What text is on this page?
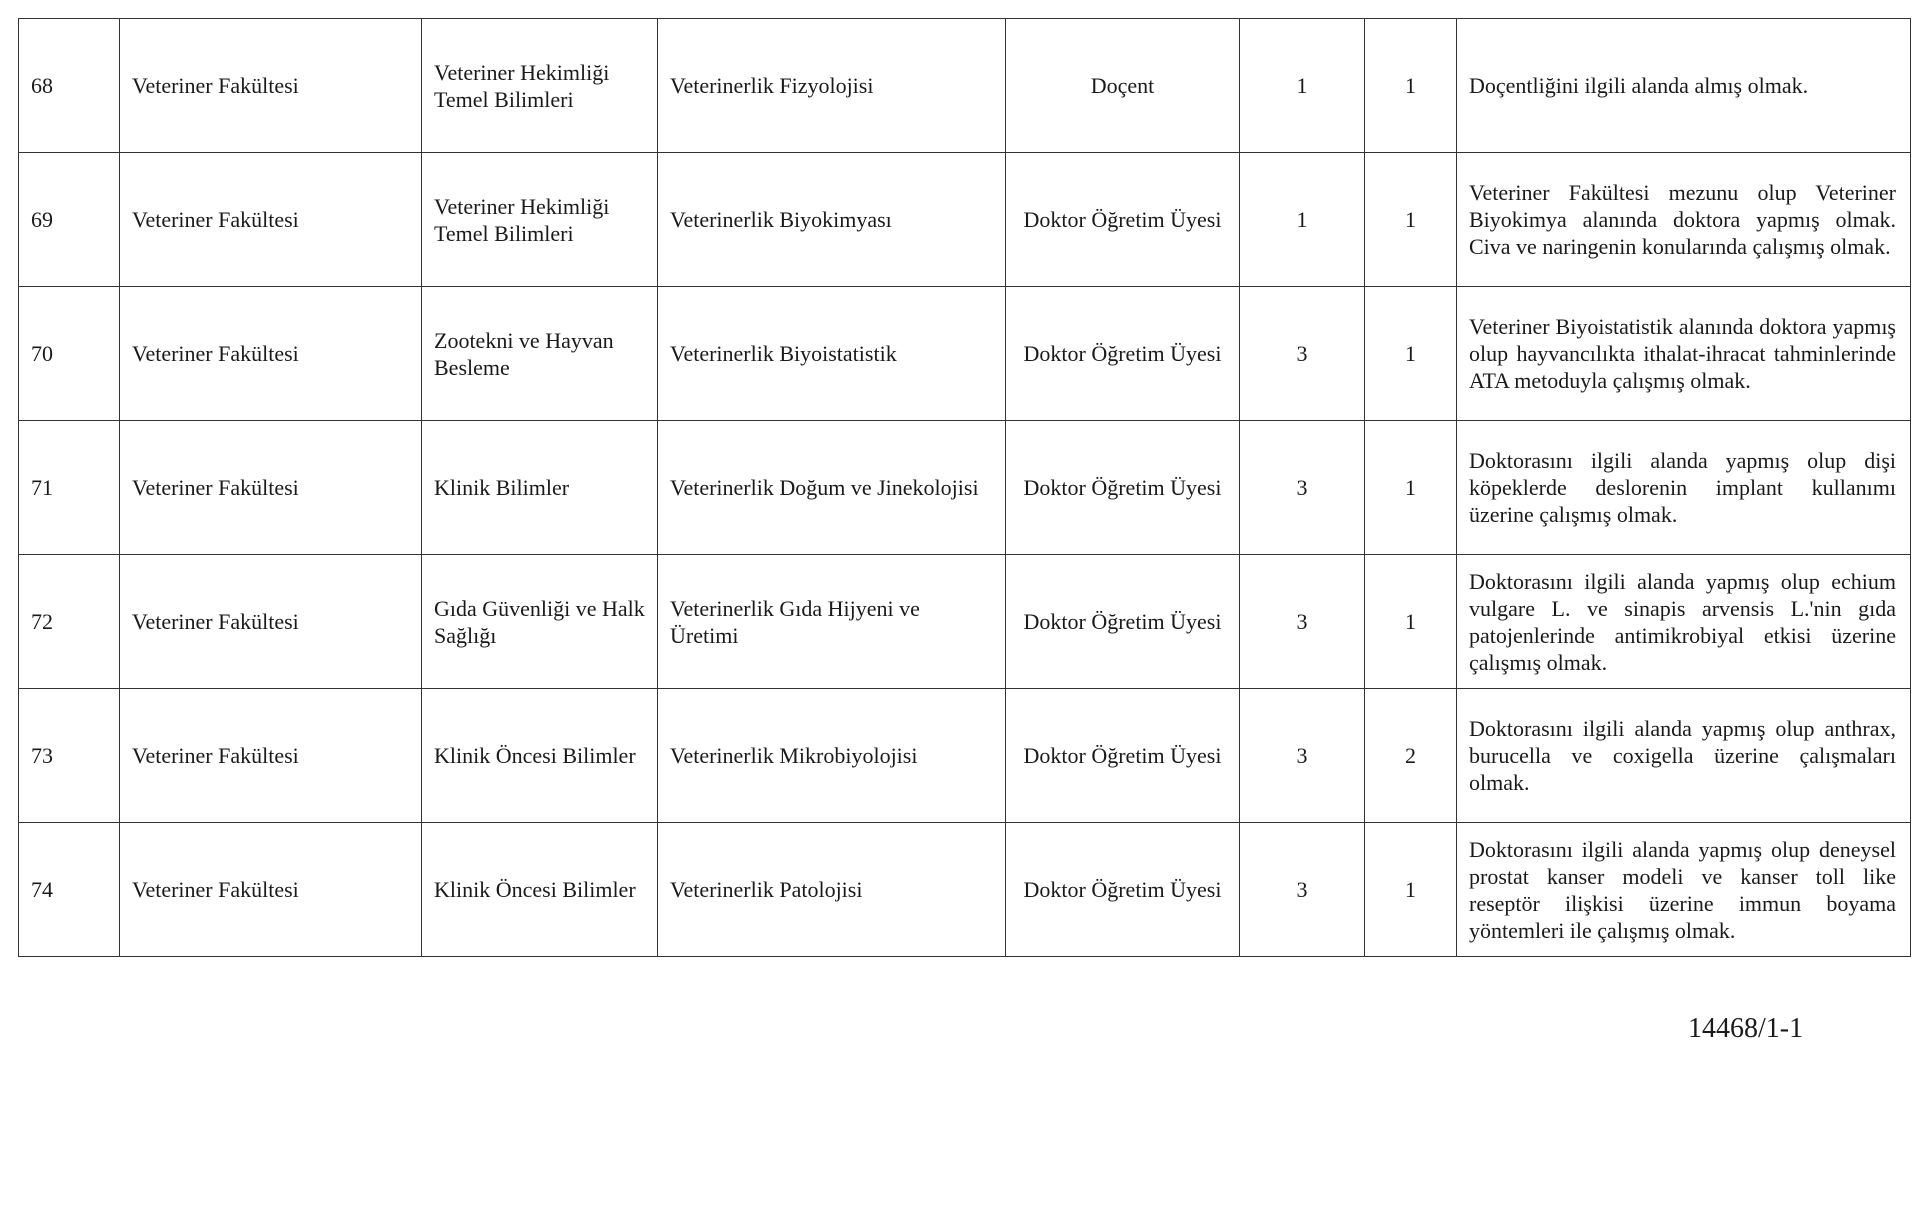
68	Veteriner Fakültesi	Veteriner Hekimliği Temel Bilimleri	Veterinerlik Fizyolojisi	Doçent	1	1	Doçentliğini ilgili alanda almış olmak.
69	Veteriner Fakültesi	Veteriner Hekimliği Temel Bilimleri	Veterinerlik Biyokimyası	Doktor Öğretim Üyesi	1	1	Veteriner Fakültesi mezunu olup Veteriner Biyokimya alanında doktora yapmış olmak. Civa ve naringenin konularında çalışmış olmak.
70	Veteriner Fakültesi	Zootekni ve Hayvan Besleme	Veterinerlik Biyoistatistik	Doktor Öğretim Üyesi	3	1	Veteriner Biyoistatistik alanında doktora yapmış olup hayvancılıkta ithalat-ihracat tahminlerinde ATA metoduyla çalışmış olmak.
71	Veteriner Fakültesi	Klinik Bilimler	Veterinerlik Doğum ve Jinekolojisi	Doktor Öğretim Üyesi	3	1	Doktorasını ilgili alanda yapmış olup dişi köpeklerde deslorenin implant kullanımı üzerine çalışmış olmak.
72	Veteriner Fakültesi	Gıda Güvenliği ve Halk Sağlığı	Veterinerlik Gıda Hijyeni ve Üretimi	Doktor Öğretim Üyesi	3	1	Doktorasını ilgili alanda yapmış olup echium vulgare L. ve sinapis arvensis L.'nin gıda patojenlerinde antimikrobiyal etkisi üzerine çalışmış olmak.
73	Veteriner Fakültesi	Klinik Öncesi Bilimler	Veterinerlik Mikrobiyolojisi	Doktor Öğretim Üyesi	3	2	Doktorasını ilgili alanda yapmış olup anthrax, burucella ve coxigella üzerine çalışmaları olmak.
74	Veteriner Fakültesi	Klinik Öncesi Bilimler	Veterinerlik Patolojisi	Doktor Öğretim Üyesi	3	1	Doktorasını ilgili alanda yapmış olup deneysel prostat kanser modeli ve kanser toll like reseptör ilişkisi üzerine immun boyama yöntemleri ile çalışmış olmak.
14468/1-1
